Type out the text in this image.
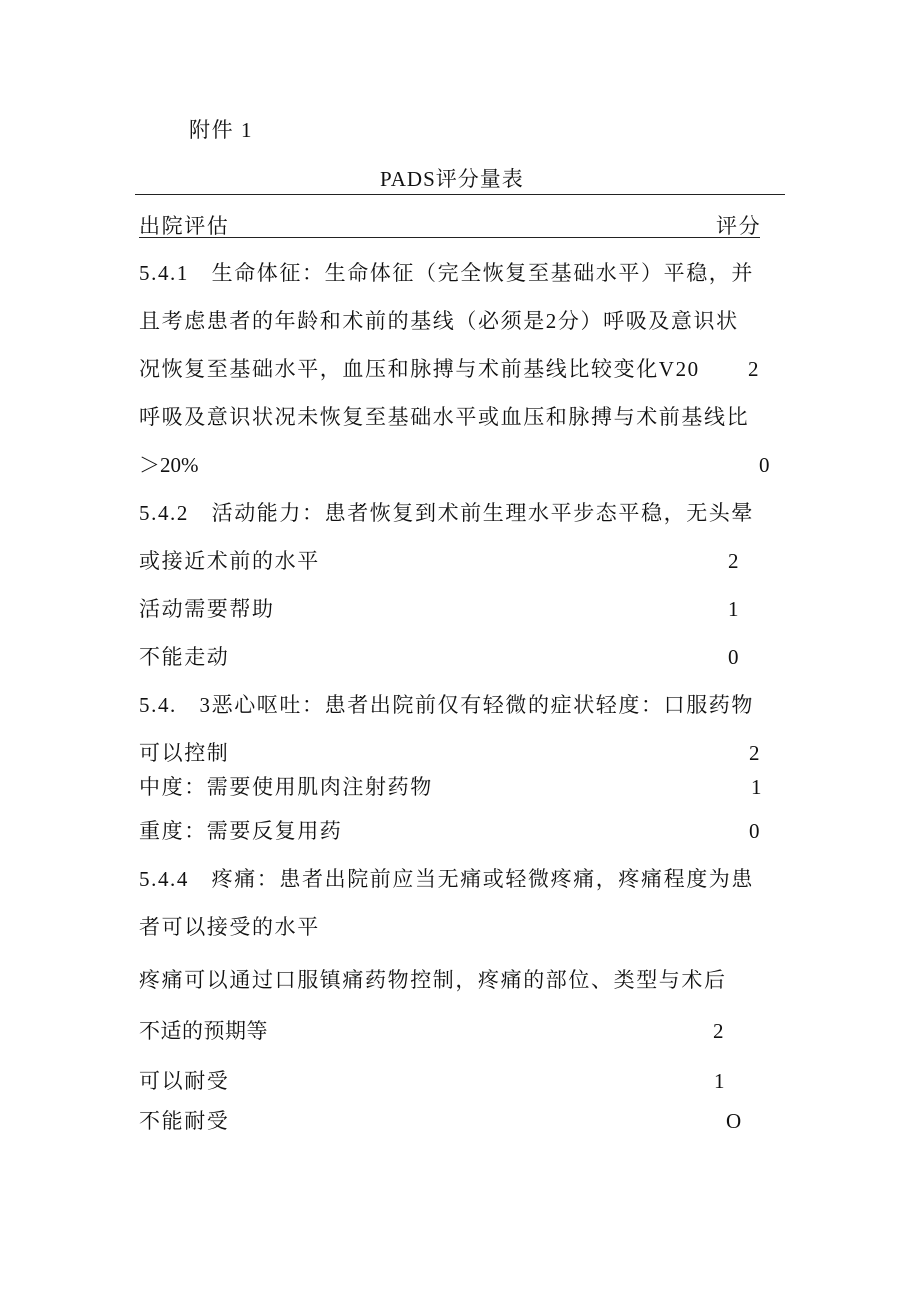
附件 1
PADS评分量表
出院评估	评分
5.4.1　生命体征：生命体征（完全恢复至基础水平）平稳，并
且考虑患者的年龄和术前的基线（必须是2分）呼吸及意识状
况恢复至基础水平，血压和脉搏与术前基线比较变化V20 2
呼吸及意识状况未恢复至基础水平或血压和脉搏与术前基线比
＞20%	0
5.4.2　活动能力：患者恢复到术前生理水平步态平稳，无头晕
或接近术前的水平	2
活动需要帮助	1
不能走动	0
5.4.　3恶心呕吐：患者出院前仅有轻微的症状轻度：口服药物
可以控制	2
中度：需要使用肌肉注射药物	1
重度：需要反复用药	0
5.4.4　疼痛：患者出院前应当无痛或轻微疼痛，疼痛程度为患
者可以接受的水平
疼痛可以通过口服镇痛药物控制，疼痛的部位、类型与术后
不适的预期等	2
可以耐受	1
不能耐受	O
